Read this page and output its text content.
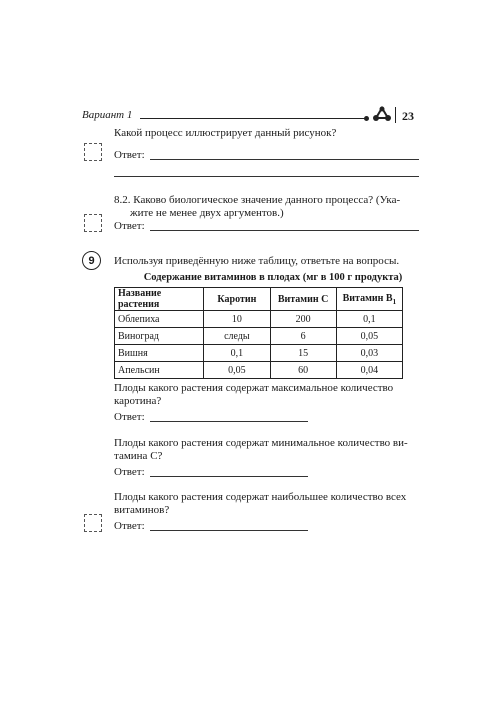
Вариант 1	23
Какой процесс иллюстрирует данный рисунок?
Ответ:
8.2. Каково биологическое значение данного процесса? (Ука-
жите не менее двух аргументов.)
Ответ:
9	Используя приведённую ниже таблицу, ответьте на вопросы.
Содержание витаминов в плодах (мг в 100 г продукта)
Название растения	Каротин	Витамин С	Витамин $В_1$
Облепиха	10	200	0,1
Виноград	следы	6	0,05
Вишня	0,1	15	0,03
Апельсин	0,05	60	0,04
Плоды какого растения содержат максимальное количество
каротина?
Ответ:
Плоды какого растения содержат минимальное количество ви-
тамина С?
Ответ:
Плоды какого растения содержат наибольшее количество всех
витаминов?
Ответ:
